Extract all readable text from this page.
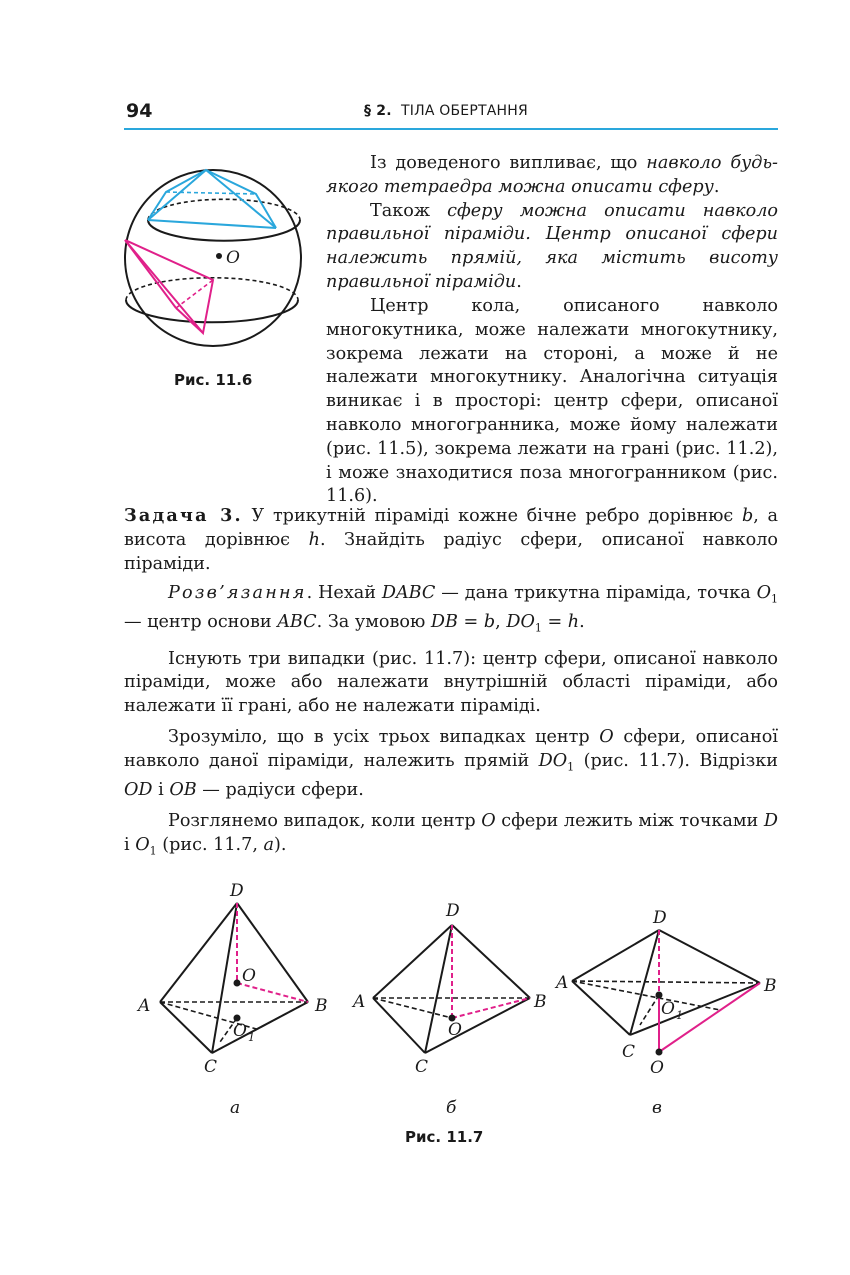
94	§ 2. ТІЛА ОБЕРТАННЯ
O
Рис. 11.6

Із доведеного випливає, що навколо будь-якого тетраедра можна описати сферу.

Також сферу можна описати навколо правильної піраміди. Центр описаної сфери належить прямій, яка містить висоту правильної піраміди.

Центр кола, описаного навколо многокутника, може належати многокутнику, зокрема лежати на стороні, а може й не належати многокутнику. Аналогічна ситуація виникає і в просторі: центр сфери, описаної навколо многогранника, може йому належати (рис. 11.5), зокрема лежати на грані (рис. 11.2), і може знаходитися поза многогранником (рис. 11.6).

Задача 3. У трикутній піраміді кожне бічне ребро дорівнює b, а висота дорівнює h. Знайдіть радіус сфери, описаної навколо піраміди.

Розв’язання. Нехай DABC — дана трикутна піраміда, точка $O_1$ — центр основи ABC. За умовою DB = b, $DO_1 = h$.

Існують три випадки (рис. 11.7): центр сфери, описаної навколо піраміди, може або належати внутрішній області піраміди, або належати її грані, або не належати піраміді.

Зрозуміло, що в усіх трьох випадках центр O сфери, описаної навколо даної піраміди, належить прямій $DO_1$ (рис. 11.7). Відрізки OD і OB — радіуси сфери.

Розглянемо випадок, коли центр O сфери лежить між точками D і $O_1$ (рис. 11.7, a).

D
A	B
C
O
O 1
D
A	B
C
O
D
A	B
C
O 1
O
а	б	в
Рис. 11.7
